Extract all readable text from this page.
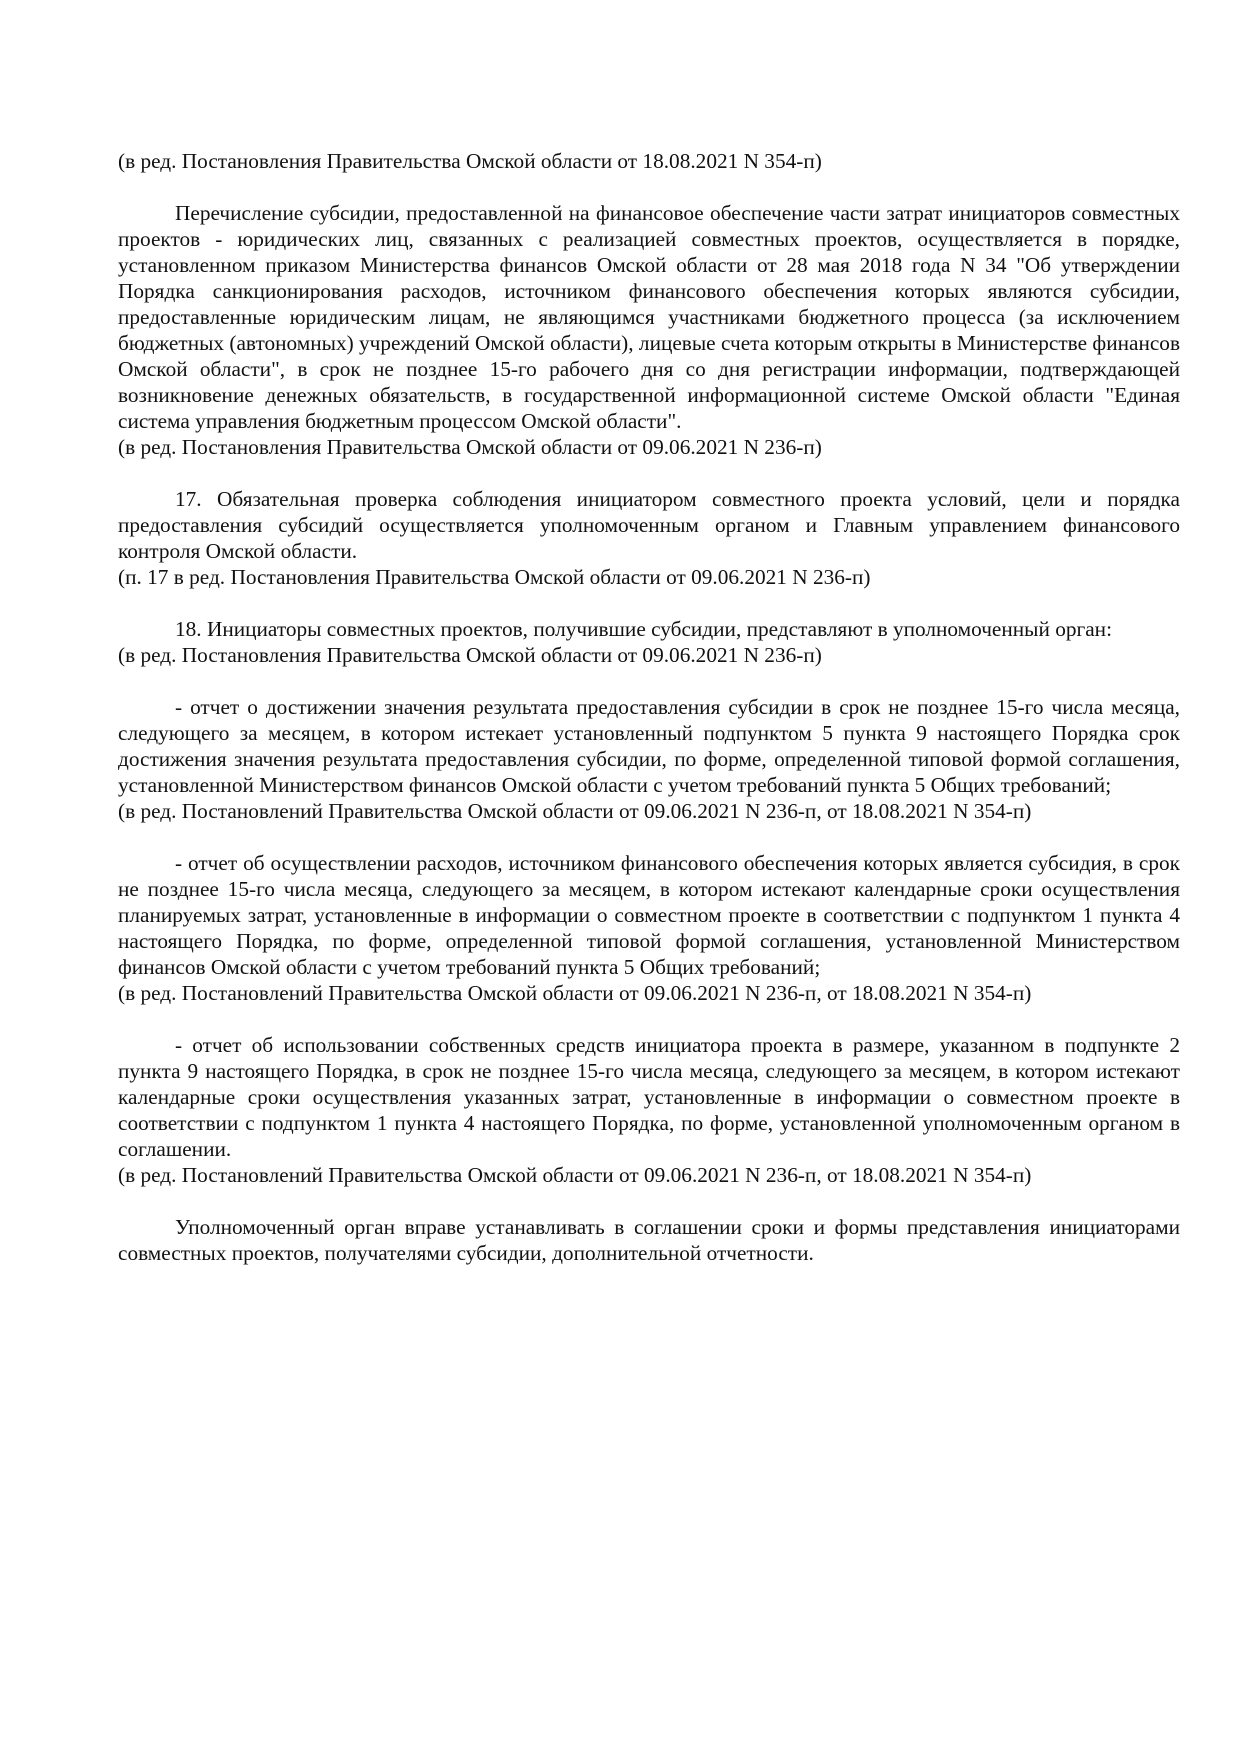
(в ред. Постановления Правительства Омской области от 18.08.2021 N 354-п)

Перечисление субсидии, предоставленной на финансовое обеспечение части затрат инициаторов совместных проектов - юридических лиц, связанных с реализацией совместных проектов, осуществляется в порядке, установленном приказом Министерства финансов Омской области от 28 мая 2018 года N 34 "Об утверждении Порядка санкционирования расходов, источником финансового обеспечения которых являются субсидии, предоставленные юридическим лицам, не являющимся участниками бюджетного процесса (за исключением бюджетных (автономных) учреждений Омской области), лицевые счета которым открыты в Министерстве финансов Омской области", в срок не позднее 15-го рабочего дня со дня регистрации информации, подтверждающей возникновение денежных обязательств, в государственной информационной системе Омской области "Единая система управления бюджетным процессом Омской области".

(в ред. Постановления Правительства Омской области от 09.06.2021 N 236-п)

17. Обязательная проверка соблюдения инициатором совместного проекта условий, цели и порядка предоставления субсидий осуществляется уполномоченным органом и Главным управлением финансового контроля Омской области.

(п. 17 в ред. Постановления Правительства Омской области от 09.06.2021 N 236-п)

18. Инициаторы совместных проектов, получившие субсидии, представляют в уполномоченный орган:

(в ред. Постановления Правительства Омской области от 09.06.2021 N 236-п)

- отчет о достижении значения результата предоставления субсидии в срок не позднее 15-го числа месяца, следующего за месяцем, в котором истекает установленный подпунктом 5 пункта 9 настоящего Порядка срок достижения значения результата предоставления субсидии, по форме, определенной типовой формой соглашения, установленной Министерством финансов Омской области с учетом требований пункта 5 Общих требований;

(в ред. Постановлений Правительства Омской области от 09.06.2021 N 236-п, от 18.08.2021 N 354-п)

- отчет об осуществлении расходов, источником финансового обеспечения которых является субсидия, в срок не позднее 15-го числа месяца, следующего за месяцем, в котором истекают календарные сроки осуществления планируемых затрат, установленные в информации о совместном проекте в соответствии с подпунктом 1 пункта 4 настоящего Порядка, по форме, определенной типовой формой соглашения, установленной Министерством финансов Омской области с учетом требований пункта 5 Общих требований;

(в ред. Постановлений Правительства Омской области от 09.06.2021 N 236-п, от 18.08.2021 N 354-п)

- отчет об использовании собственных средств инициатора проекта в размере, указанном в подпункте 2 пункта 9 настоящего Порядка, в срок не позднее 15-го числа месяца, следующего за месяцем, в котором истекают календарные сроки осуществления указанных затрат, установленные в информации о совместном проекте в соответствии с подпунктом 1 пункта 4 настоящего Порядка, по форме, установленной уполномоченным органом в соглашении.

(в ред. Постановлений Правительства Омской области от 09.06.2021 N 236-п, от 18.08.2021 N 354-п)

Уполномоченный орган вправе устанавливать в соглашении сроки и формы представления инициаторами совместных проектов, получателями субсидии, дополнительной отчетности.
